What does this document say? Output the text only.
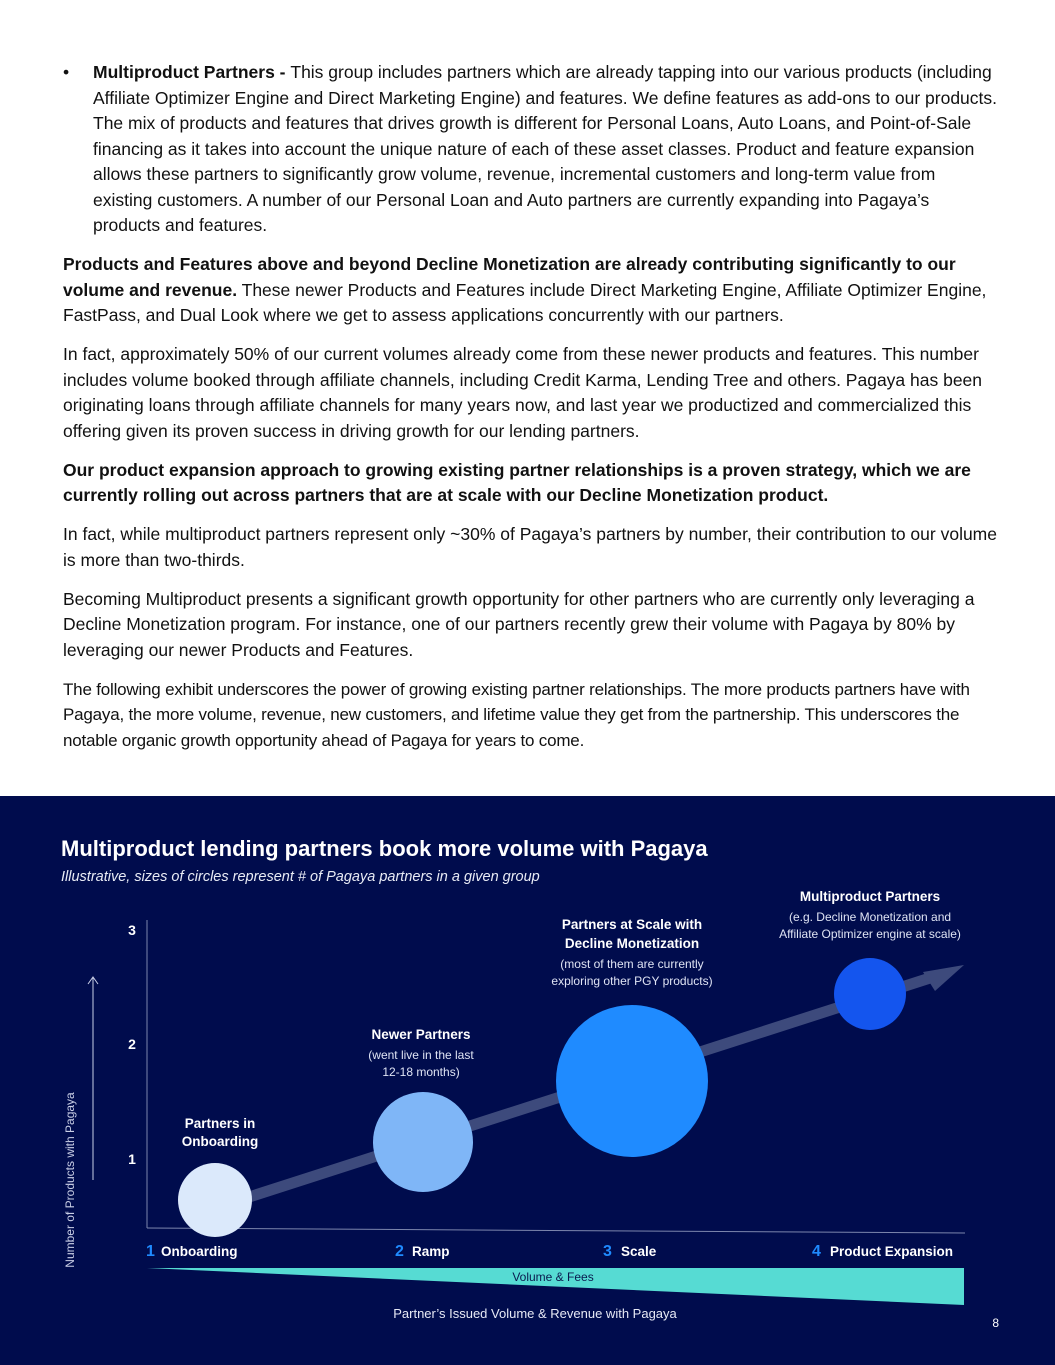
• Multiproduct Partners - This group includes partners which are already tapping into our various products (including Affiliate Optimizer Engine and Direct Marketing Engine) and features. We define features as add-ons to our products. The mix of products and features that drives growth is different for Personal Loans, Auto Loans, and Point-of-Sale financing as it takes into account the unique nature of each of these asset classes. Product and feature expansion allows these partners to significantly grow volume, revenue, incremental customers and long-term value from existing customers. A number of our Personal Loan and Auto partners are currently expanding into Pagaya’s products and features.

Products and Features above and beyond Decline Monetization are already contributing significantly to our volume and revenue. These newer Products and Features include Direct Marketing Engine, Affiliate Optimizer Engine, FastPass, and Dual Look where we get to assess applications concurrently with our partners.

In fact, approximately 50% of our current volumes already come from these newer products and features. This number includes volume booked through affiliate channels, including Credit Karma, Lending Tree and others. Pagaya has been originating loans through affiliate channels for many years now, and last year we productized and commercialized this offering given its proven success in driving growth for our lending partners.

Our product expansion approach to growing existing partner relationships is a proven strategy, which we are currently rolling out across partners that are at scale with our Decline Monetization product.

In fact, while multiproduct partners represent only ~30% of Pagaya’s partners by number, their contribution to our volume is more than two-thirds.

Becoming Multiproduct presents a significant growth opportunity for other partners who are currently only leveraging a Decline Monetization program. For instance, one of our partners recently grew their volume with Pagaya by 80% by leveraging our newer Products and Features.

The following exhibit underscores the power of growing existing partner relationships. The more products partners have with Pagaya, the more volume, revenue, new customers, and lifetime value they get from the partnership. This underscores the notable organic growth opportunity ahead of Pagaya for years to come.

Multiproduct lending partners book more volume with Pagaya
Illustrative, sizes of circles represent # of Pagaya partners in a given group
Number of Products with Pagaya	1
2
3
Partners in
Onboarding
Newer Partners
(went live in the last
12-18 months)
Partners at Scale with
Decline Monetization
(most of them are currently
exploring other PGY products)
Multiproduct Partners
(e.g. Decline Monetization and
Affiliate Optimizer engine at scale)
1 Onboarding	2 Ramp	3 Scale	4 Product Expansion
Volume & Fees
Partner’s Issued Volume & Revenue with Pagaya
8
